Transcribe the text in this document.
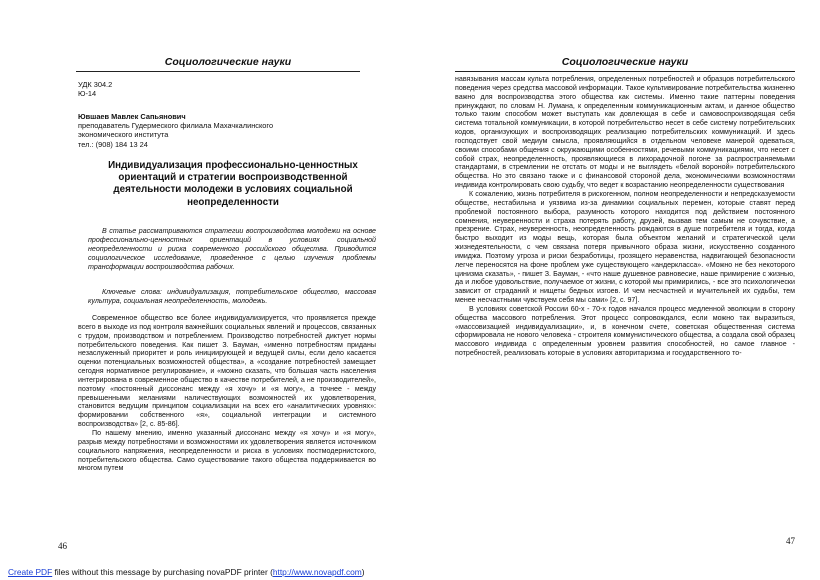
Социологические науки
УДК 304.2
Ю-14
Ювшаев Мавлек Сапьянович
преподаватель Гудермеского филиала Махачкалинского
экономического института
тел.: (908) 184 13 24
Индивидуализация профессионально-ценностных ориентаций и стратегии воспроизводственной деятельности молодежи в условиях социальной неопределенности
В статье рассматриваются стратегии воспроизводства молодежи на основе профессионально-ценностных ориентаций в условиях социальной неопределенности и риска современного российского общества. Приводится социологическое исследование, проведенное с целью изучения проблемы трансформации воспроизводства рабочих.
Ключевые слова: индивидуализация, потребительское общество, массовая культура, социальная неопределенность, молодежь.

Современное общество все более индивидуализируется, что проявляется прежде всего в выходе из под контроля важнейших социальных явлений и процессов, связанных с трудом, производством и потреблением. Производство потребностей диктует нормы потребительского поведения. Как пишет З. Бауман, «именно потребностям приданы незаслуженный приоритет и роль инициирующей и ведущей силы, если дело касается оценки потенциальных возможностей общества», а «создание потребностей замещает сегодня нормативное регулирование», и «можно сказать, что большая часть населения интегрирована в современное общество в качестве потребителей, а не производителей», поэтому «постоянный диссонанс между «я хочу» и «я могу», а точнее - между превышенными желаниями наличествующих возможностей их удовлетворения, становится ведущим принципом социализации на всех его «аналитических уровнях»: формировании собственного «я», социальной интеграции и системного воспроизводства» [2, с. 85-86].

По нашему мнению, именно указанный диссонанс между «я хочу» и «я могу», разрыв между потребностями и возможностями их удовлетворения является источником социального напряжения, неопределенности и риска в условиях постмодернистского, потребительского общества. Само существование такого общества поддерживается во многом путем

46
Социологические науки

навязывания массам культа потребления, определенных потребностей и образцов потребительского поведения через средства массовой информации. Такое культивирование потребительства жизненно важно для воспроизводства этого общества как системы. Именно такие паттерны поведения принуждают, по словам Н. Лумана, к определенным коммуникационным актам, и данное общество только таким способом может выступать как довлеющая в себе и самовоспроизводящая себя система тотальной коммуникации, в которой потребительство несет в себе систему потребительских кодов, организующих и воспроизводящих реализацию потребительских коммуникаций. И здесь господствует свой медиум смысла, проявляющийся в отдельном человеке манерой одеваться, своими способами общения с окружающими особенностями, речевыми коммуникациями, что несет с собой страх, неопределенность, проявляющиеся в лихорадочной погоне за распространяемыми стандартами, в стремлении не отстать от моды и не выглядеть «белой вороной» потребительского общества. Но это связано также и с финансовой стороной дела, экономическими возможностями индивида контролировать свою судьбу, что ведет к возрастанию неопределенности существования

К сожалению, жизнь потребителя в рискогенном, полном неопределенности и непредсказуемости обществе, нестабильна и уязвима из-за динамики социальных перемен, которые ставят перед проблемой постоянного выбора, разумность которого находится под действием постоянного сомнения, неуверенности и страха потерять работу, друзей, вызвав тем самым не сочувствие, а презрение. Страх, неуверенность, неопределенность рождаются в душе потребителя и тогда, когда быстро выходит из моды вещь, которая была объектом желаний и стратегической цели жизнедеятельности, с чем связана потеря привычного образа жизни, искусственно созданного имиджа. Поэтому угроза и риски безработицы, грозящего неравенства, надвигающей безопасности легче переносятся на фоне проблем уже существующего «андеркласса». «Можно не без некоторого цинизма сказать», - пишет З. Бауман, - «что наше душевное равновесие, наше примирение с жизнью, да и любое удовольствие, получаемое от жизни, с которой мы примирились, - все это психологически зависит от страданий и нищеты бедных изгоев. И чем несчастней и мучительней их судьбы, тем менее несчастными чувствуем себя мы сами» [2, с. 97].

В условиях советской России 60-х - 70-х годов начался процесс медленной эволюции в сторону общества массового потребления. Этот процесс сопровождался, если можно так выразиться, «массовизацией индивидуализации», и, в конечном счете, советская общественная система сформировала не нового человека - строителя коммунистического общества, а создала свой образец массового индивида с определенным уровнем развития способностей, но самое главное - потребностей, реализовать которые в условиях авторитаризма и государственного то-

47
Create PDF files without this message by purchasing novaPDF printer (http://www.novapdf.com)
